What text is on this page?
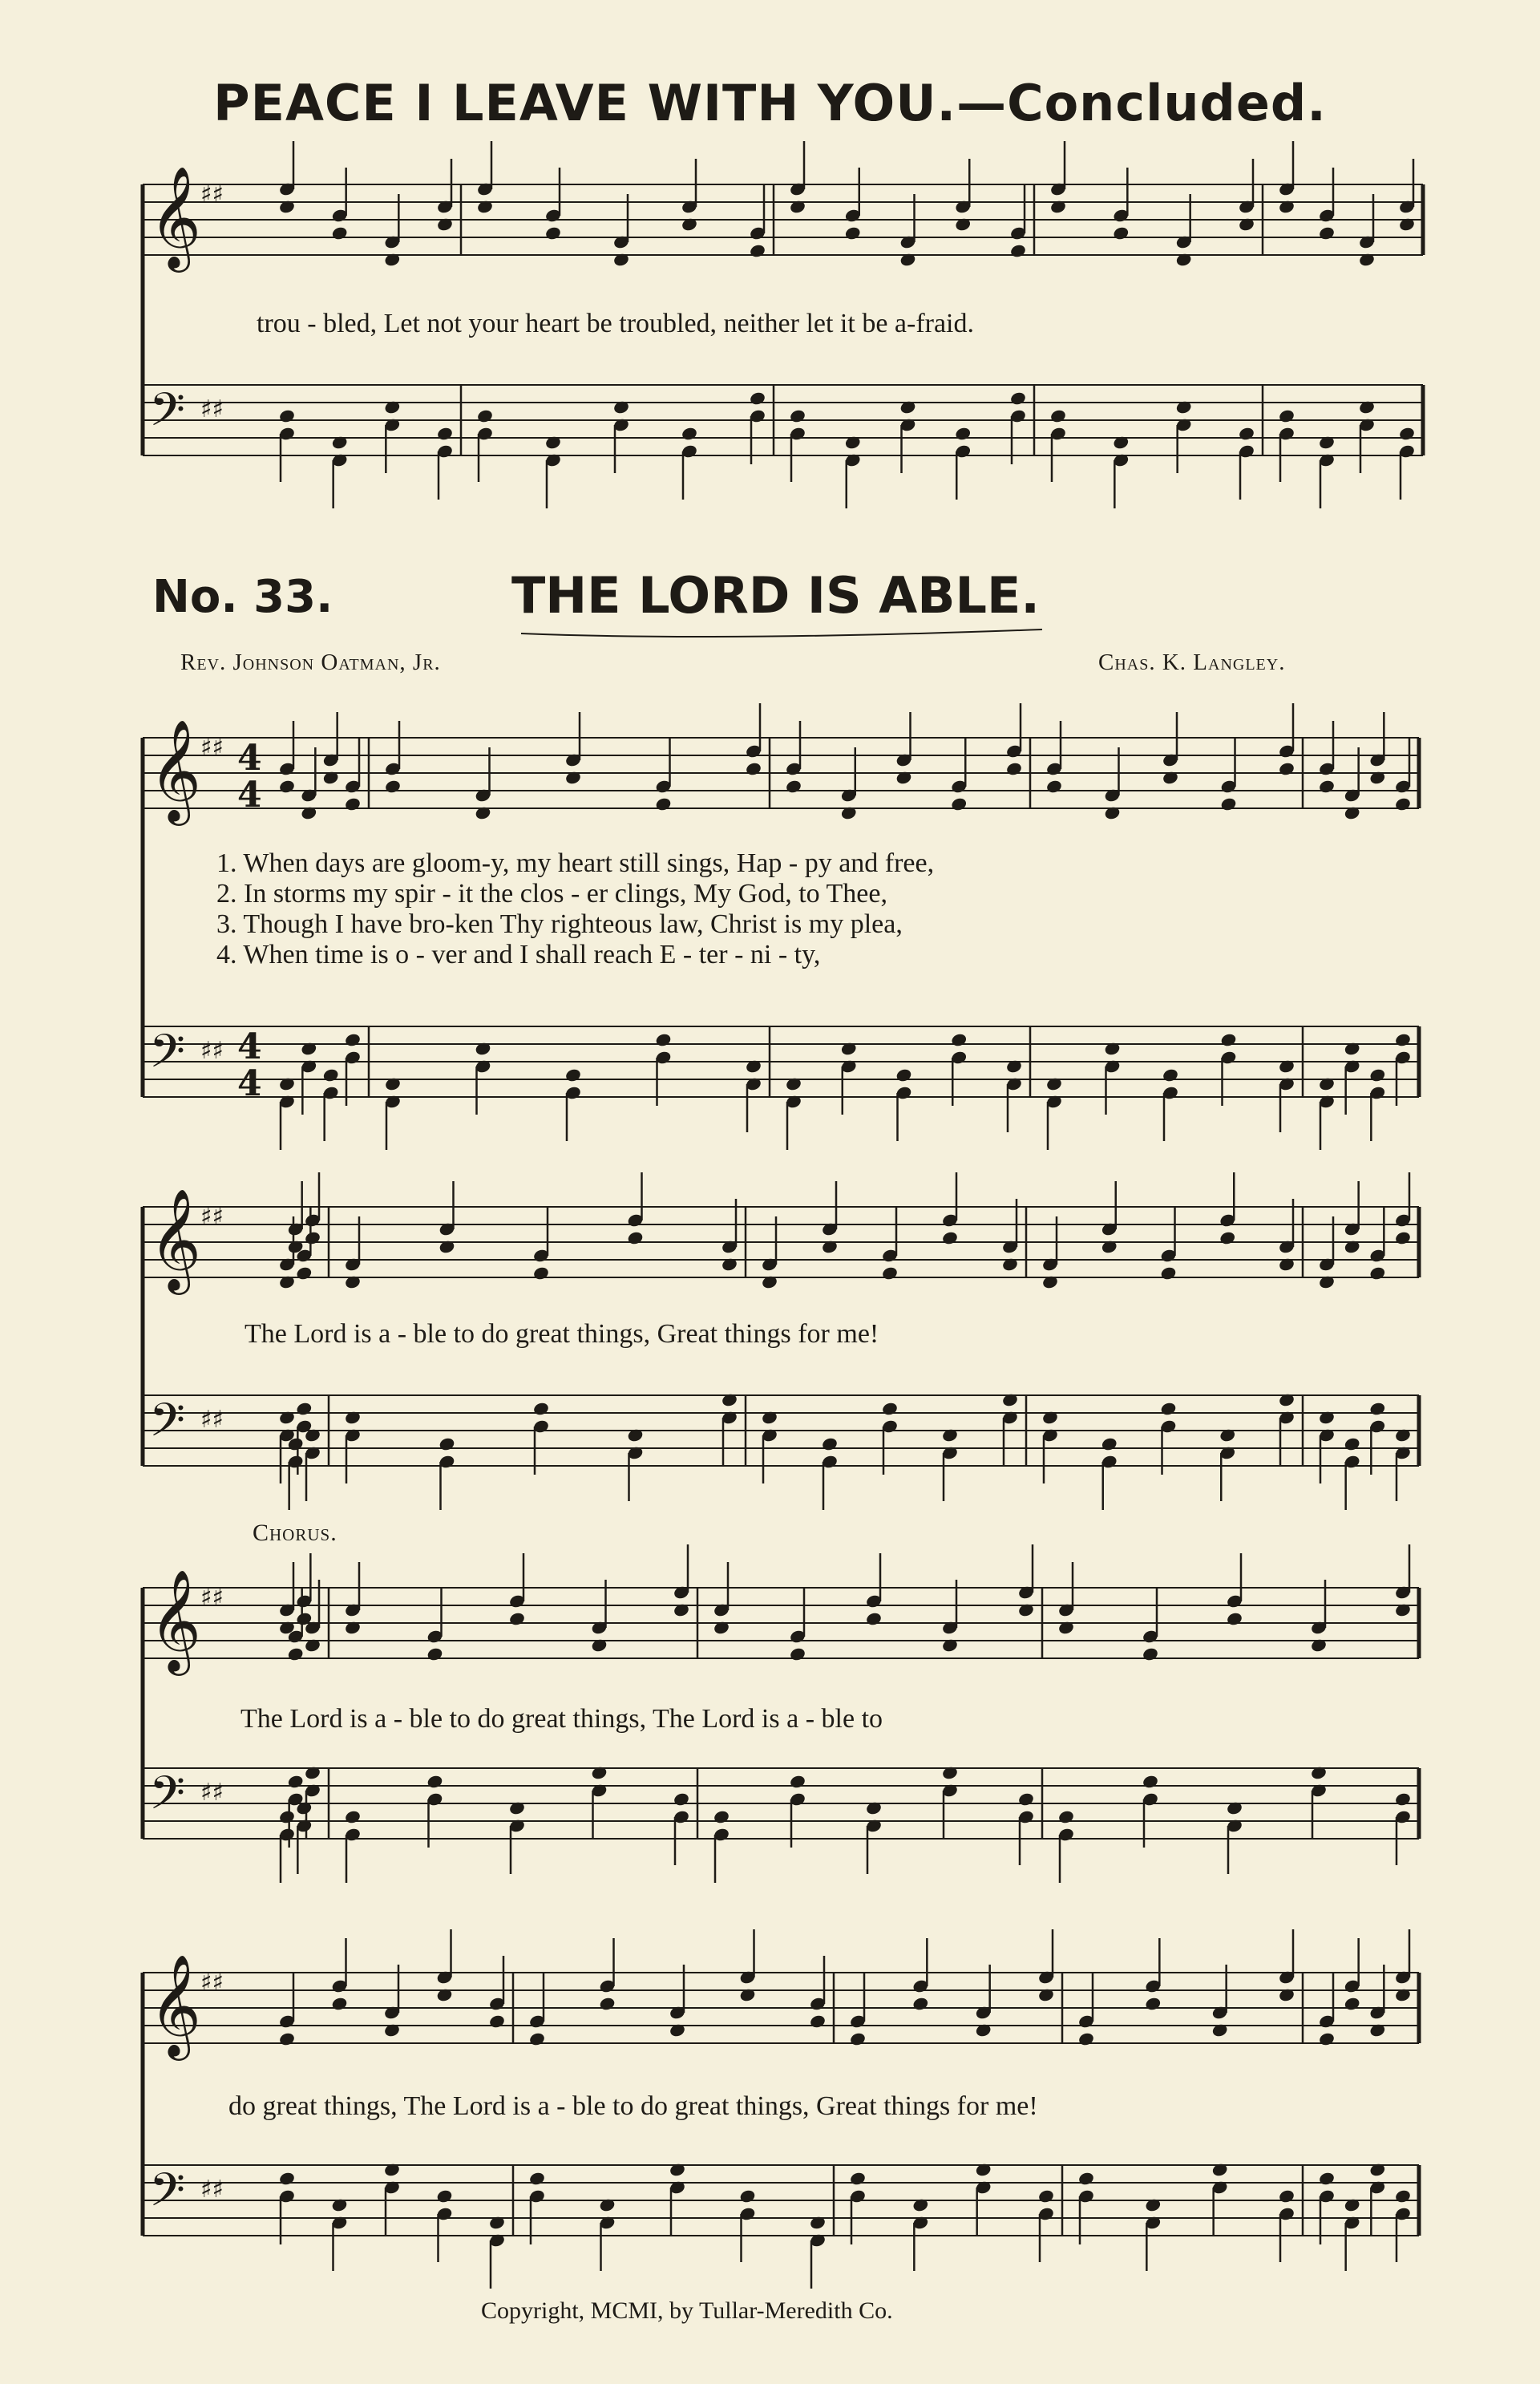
𝄞
♯♯
𝄢 ♯♯
𝄞
♯♯ 4
4
𝄢 ♯♯ 4
4
𝄞
♯♯
𝄢 ♯♯
𝄞
♯♯
𝄢 ♯♯
𝄞
♯♯
𝄢 ♯♯
PEACE I LEAVE WITH YOU.—Concluded.
trou - bled, Let not your heart be troubled, neither let it be a-fraid.
No. 33.	THE LORD IS ABLE.
Rev. Johnson Oatman, Jr.	Chas. K. Langley.
1. When days are gloom-y, my heart still sings, Hap - py and free,
2. In storms my spir - it the clos - er clings, My God, to Thee,
3. Though I have bro-ken Thy righteous law, Christ is my plea,
4. When time is o - ver and I shall reach E - ter - ni - ty,
The Lord is a - ble to do great things, Great things for me!
Chorus.
The Lord is a - ble to do great things, The Lord is a - ble to
do great things, The Lord is a - ble to do great things, Great things for me!
Copyright, MCMI, by Tullar-Meredith Co.
